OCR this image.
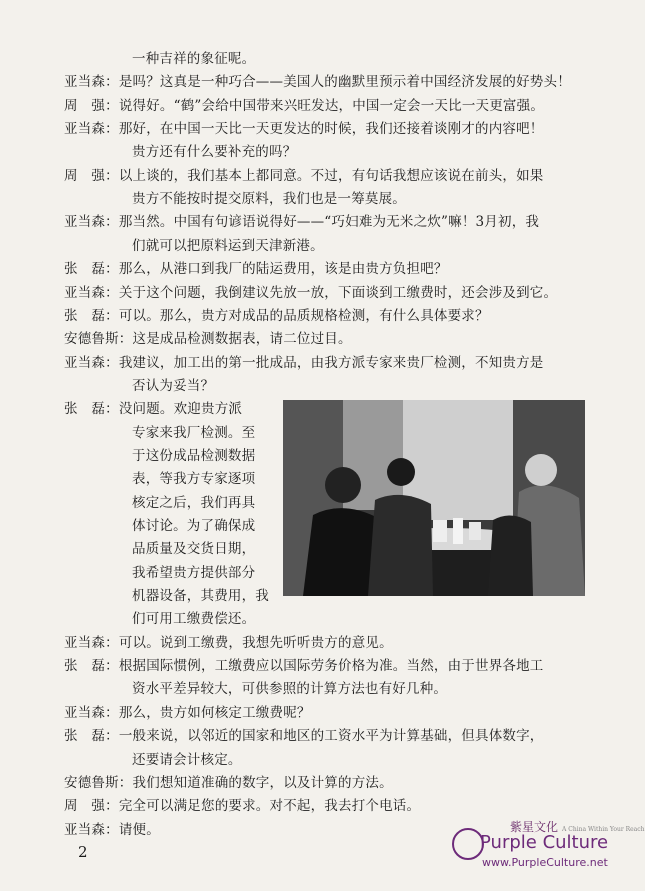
一种吉祥的象征呢。
亚当森：是吗？这真是一种巧合——美国人的幽默里预示着中国经济发展的好势头！
周　强：说得好。“鹤”会给中国带来兴旺发达，中国一定会一天比一天更富强。
亚当森：那好，在中国一天比一天更发达的时候，我们还接着谈刚才的内容吧！
贵方还有什么要补充的吗？
周　强：以上谈的，我们基本上都同意。不过，有句话我想应该说在前头，如果
贵方不能按时提交原料，我们也是一筹莫展。
亚当森：那当然。中国有句谚语说得好——“巧妇难为无米之炊”嘛！3月初，我
们就可以把原料运到天津新港。
张　磊：那么，从港口到我厂的陆运费用，该是由贵方负担吧？
亚当森：关于这个问题，我倒建议先放一放，下面谈到工缴费时，还会涉及到它。
张　磊：可以。那么，贵方对成品的品质规格检测，有什么具体要求？
安德鲁斯：这是成品检测数据表，请二位过目。
亚当森：我建议，加工出的第一批成品，由我方派专家来贵厂检测，不知贵方是
否认为妥当？
张　磊：没问题。欢迎贵方派
专家来我厂检测。至
于这份成品检测数据
表，等我方专家逐项
核定之后，我们再具
体讨论。为了确保成
品质量及交货日期，
我希望贵方提供部分
机器设备，其费用，我
们可用工缴费偿还。
亚当森：可以。说到工缴费，我想先听听贵方的意见。
张　磊：根据国际惯例，工缴费应以国际劳务价格为准。当然，由于世界各地工
资水平差异较大，可供参照的计算方法也有好几种。
亚当森：那么，贵方如何核定工缴费呢？
张　磊：一般来说，以邻近的国家和地区的工资水平为计算基础，但具体数字，
还要请会计核定。
安德鲁斯：我们想知道准确的数字，以及计算的方法。
周　强：完全可以满足您的要求。对不起，我去打个电话。
亚当森：请便。
2
紫星文化 A China Within Your Reach
Purple Culture
www.PurpleCulture.net
